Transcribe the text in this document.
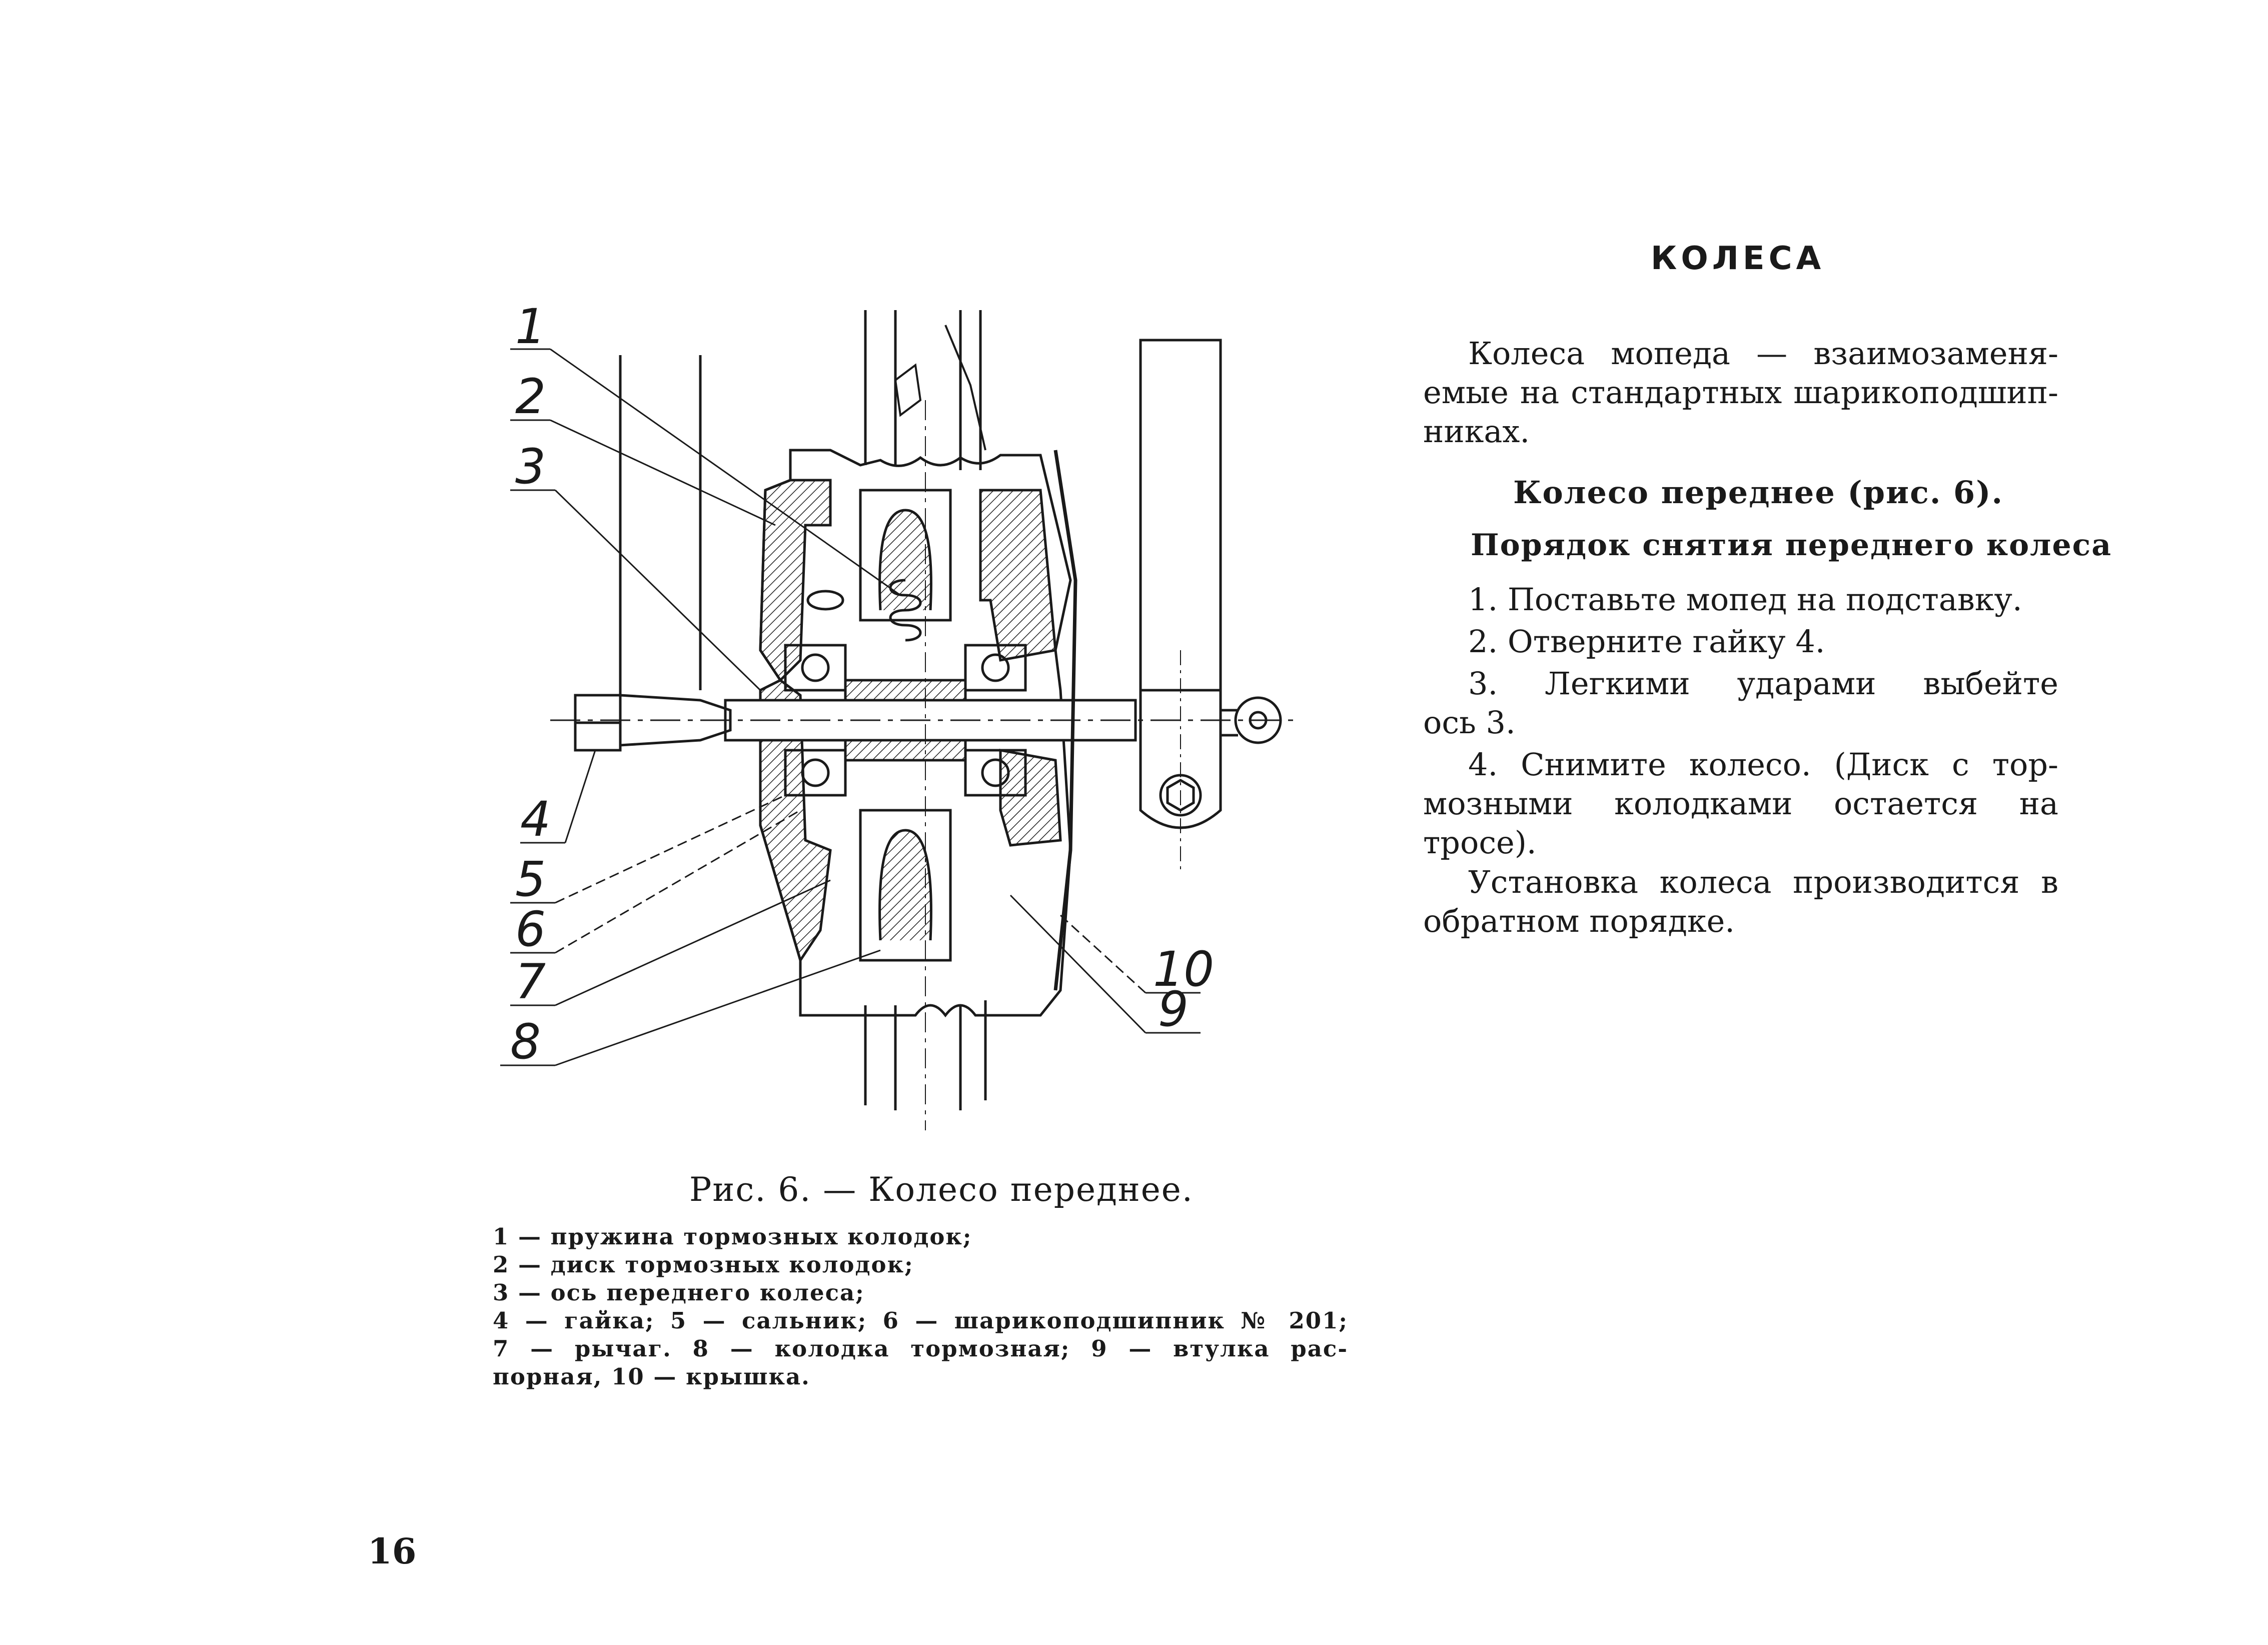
1
2
3
4
5
6
7
8
10
9
Рис. 6. — Колесо переднее.
1 — пружина тормозных колодок;
2 — диск тормозных колодок;
3 — ось переднего колеса;
4 — гайка; 5 — сальник; 6 — шарикоподшипник № 201;
7 — рычаг. 8 — колодка тормозная; 9 — втулка рас-
порная, 10 — крышка.
16
КОЛЕСА
Колеса мопеда — взаимозаменя-
емые на стандартных шарикоподшип-
никах.
Колесо переднее (рис. 6).
Порядок снятия переднего колеса
1. Поставьте мопед на подставку.
2. Отверните гайку 4.
3. Легкими ударами выбейте
ось 3.
4. Снимите колесо. (Диск с тор-
мозными колодками остается на
тросе).
Установка колеса производится в
обратном порядке.
